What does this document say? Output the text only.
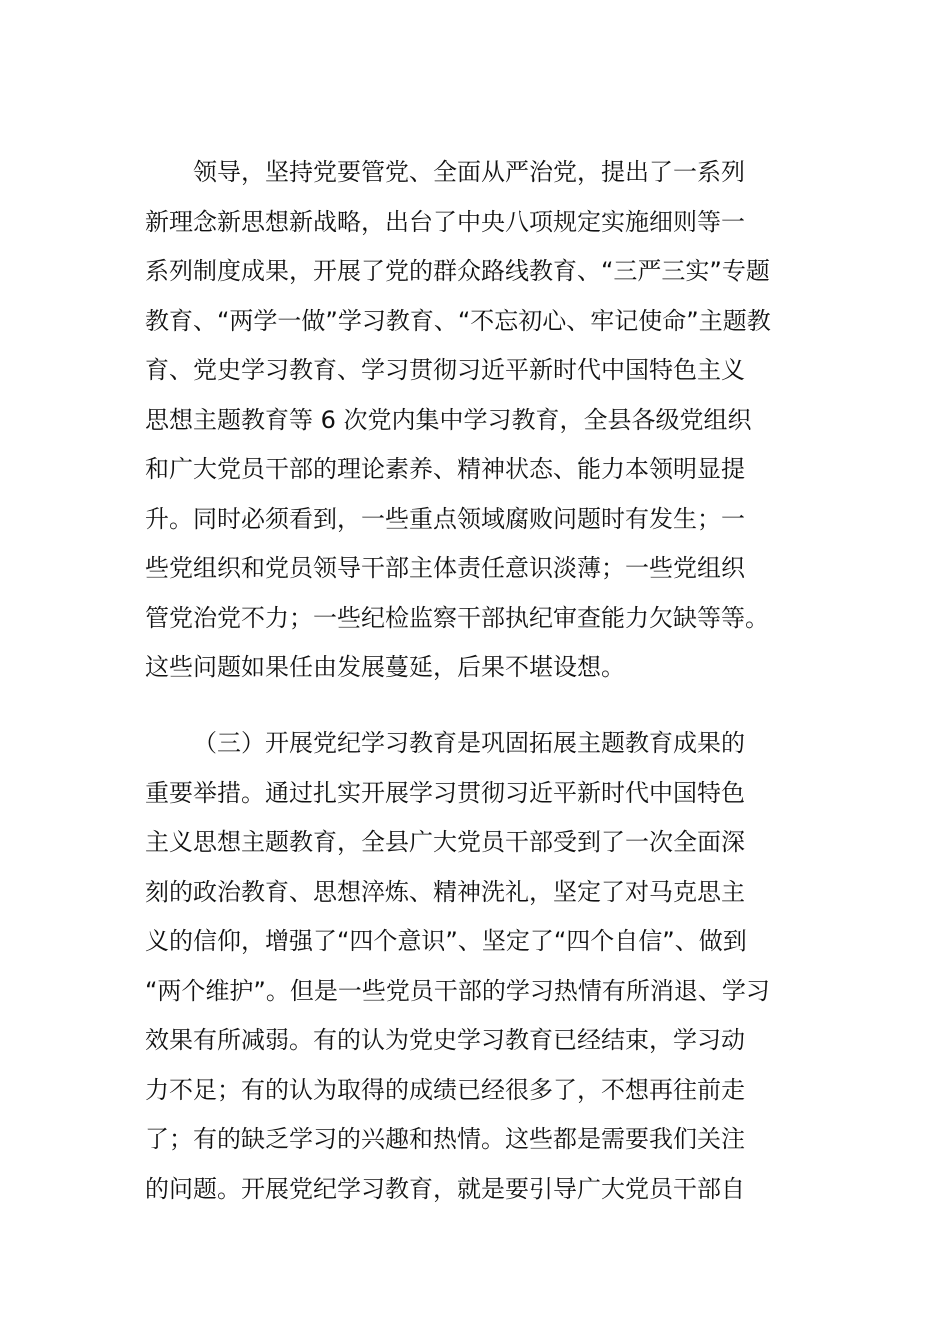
领导，坚持党要管党、全面从严治党，提出了一系列
新理念新思想新战略，出台了中央八项规定实施细则等一
系列制度成果，开展了党的群众路线教育、“三严三实”专题
教育、“两学一做”学习教育、“不忘初心、牢记使命”主题教
育、党史学习教育、学习贯彻习近平新时代中国特色主义
思想主题教育等 6 次党内集中学习教育，全县各级党组织
和广大党员干部的理论素养、精神状态、能力本领明显提
升。同时必须看到，一些重点领域腐败问题时有发生；一
些党组织和党员领导干部主体责任意识淡薄；一些党组织
管党治党不力；一些纪检监察干部执纪审查能力欠缺等等。
这些问题如果任由发展蔓延，后果不堪设想。
（三）开展党纪学习教育是巩固拓展主题教育成果的
重要举措。通过扎实开展学习贯彻习近平新时代中国特色
主义思想主题教育，全县广大党员干部受到了一次全面深
刻的政治教育、思想淬炼、精神洗礼，坚定了对马克思主
义的信仰，增强了“四个意识”、坚定了“四个自信”、做到
“两个维护”。但是一些党员干部的学习热情有所消退、学习
效果有所减弱。有的认为党史学习教育已经结束，学习动
力不足；有的认为取得的成绩已经很多了，不想再往前走
了；有的缺乏学习的兴趣和热情。这些都是需要我们关注
的问题。开展党纪学习教育，就是要引导广大党员干部自
